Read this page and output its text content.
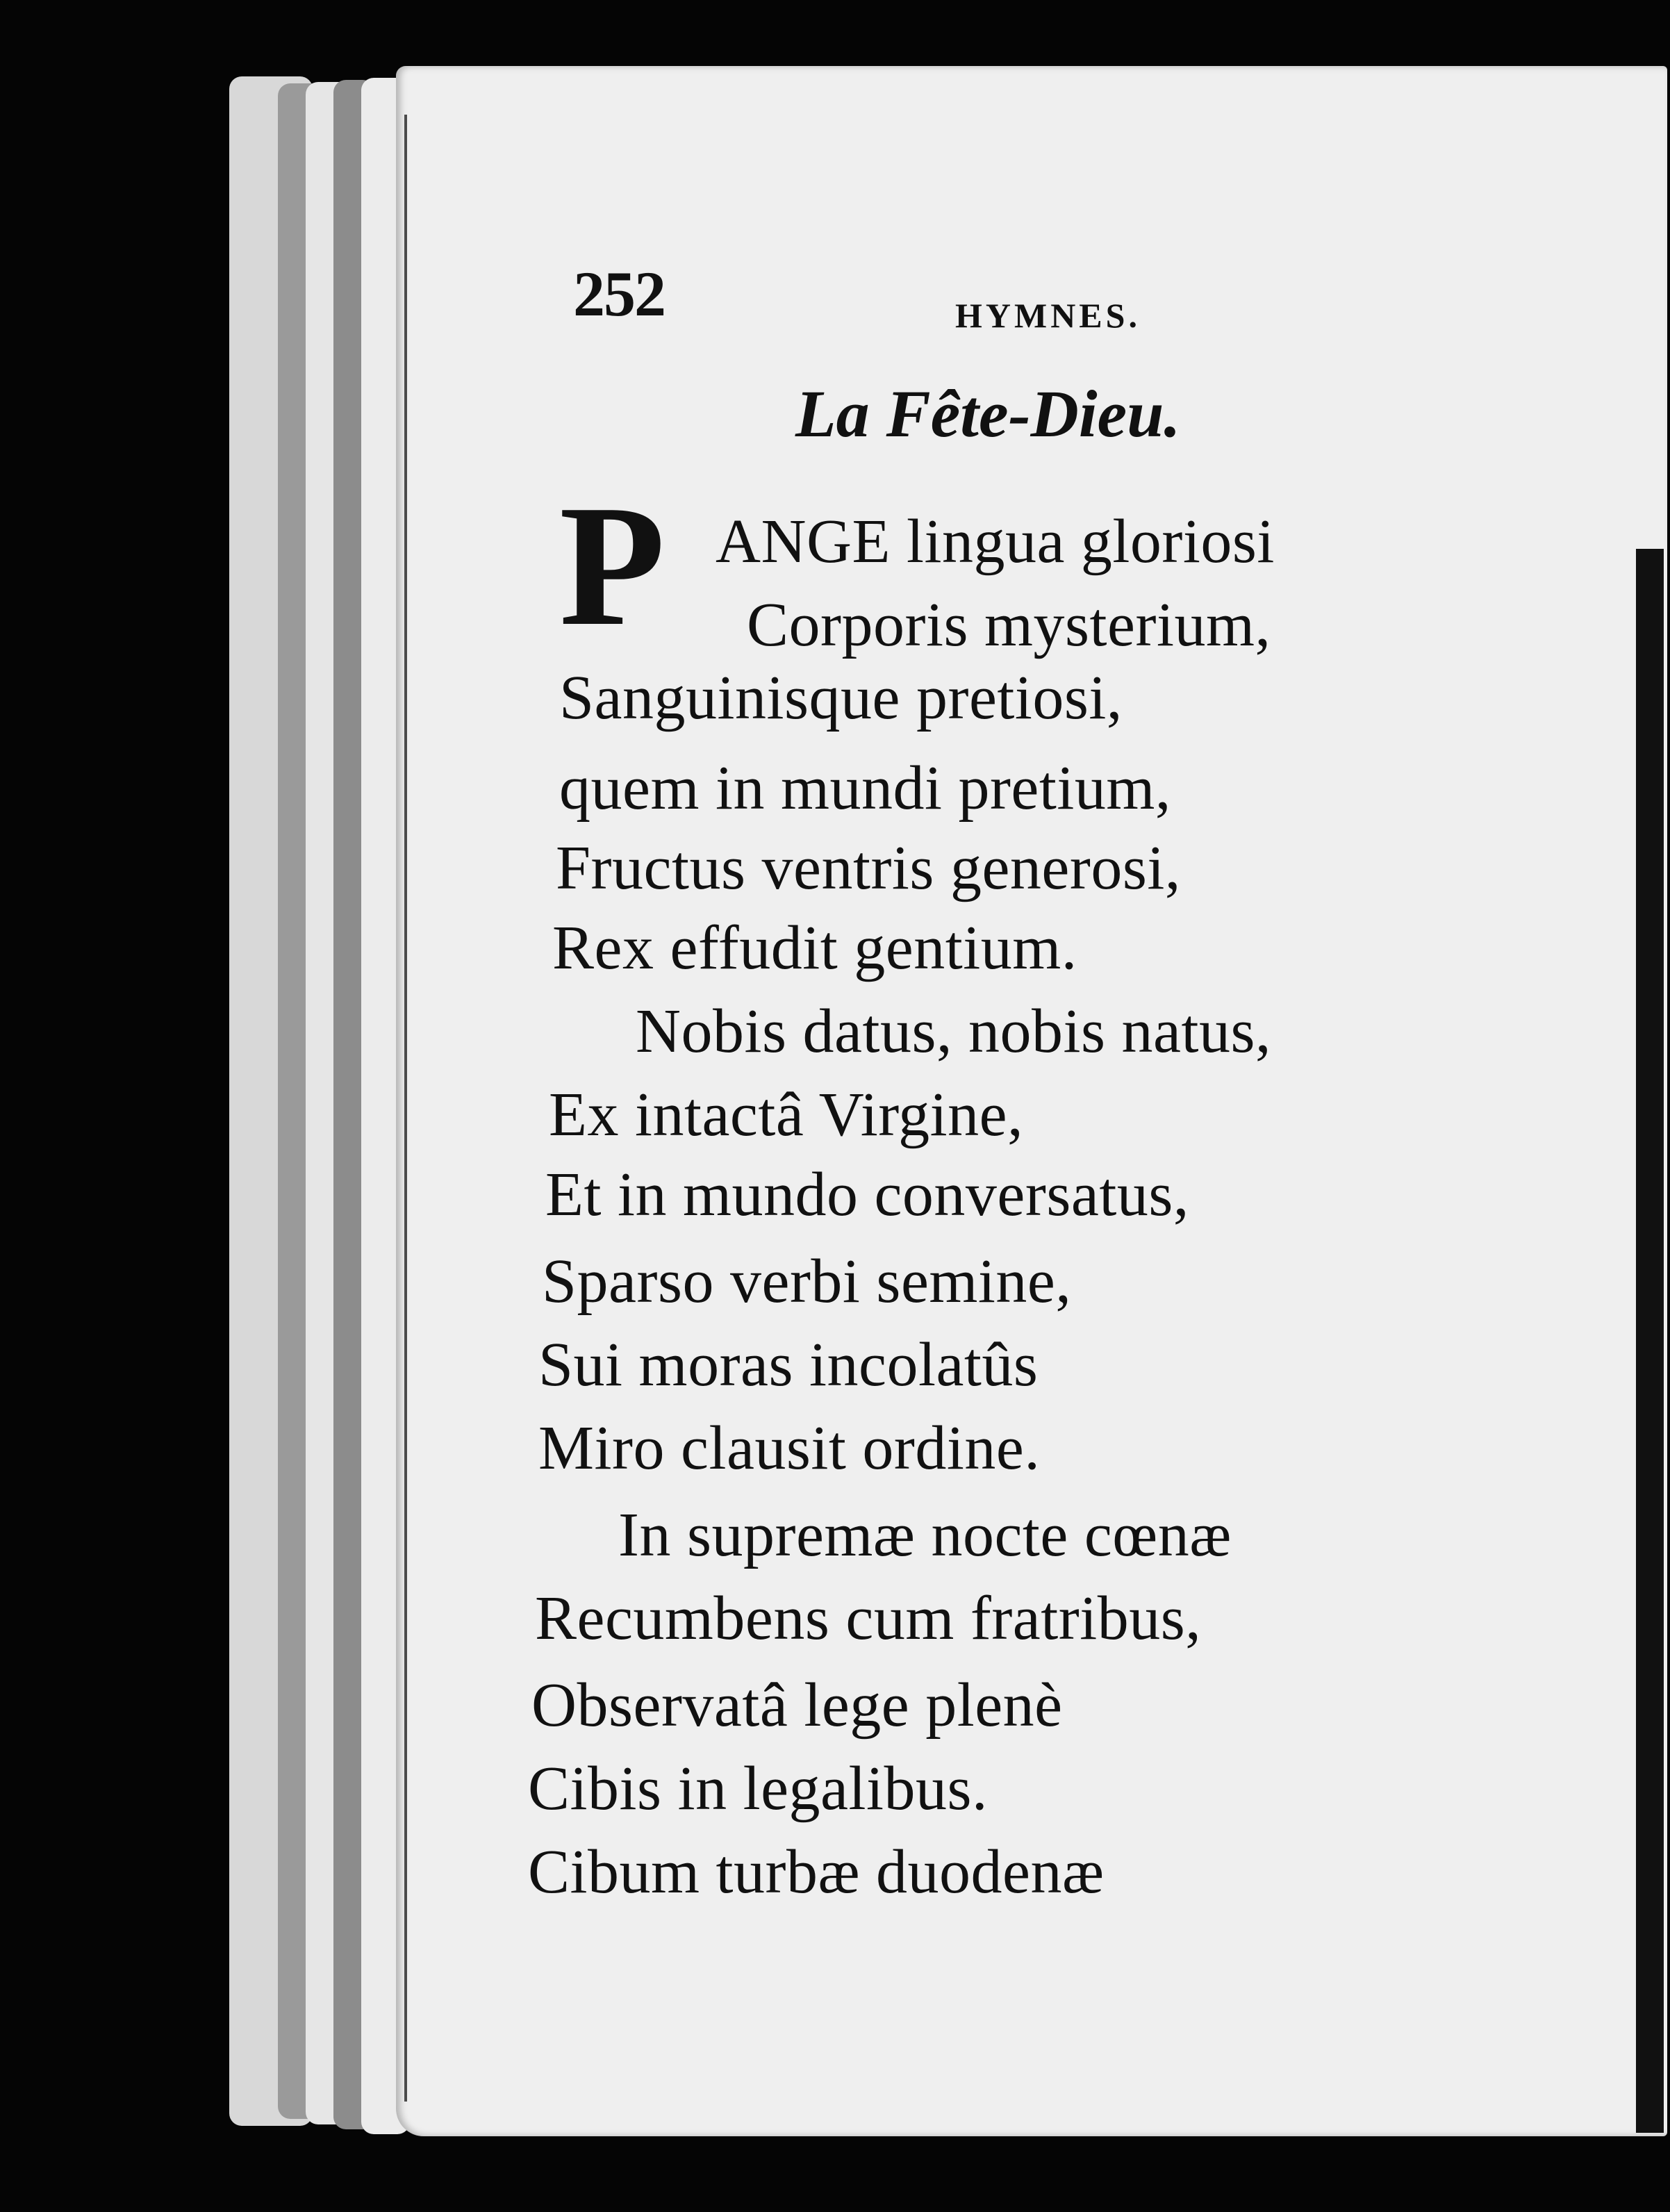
252	HYMNES.
La Fête-Dieu.
P ANGE lingua gloriosi
Corporis mysterium,
Sanguinisque pretiosi,
quem in mundi pretium,
Fructus ventris generosi,
Rex effudit gentium.
Nobis datus, nobis natus,
Ex intactâ Virgine,
Et in mundo conversatus,
Sparso verbi semine,
Sui moras incolatûs
Miro clausit ordine.
In supremæ nocte cœnæ
Recumbens cum fratribus,
Observatâ lege plenè
Cibis in legalibus.
Cibum turbæ duodenæ
